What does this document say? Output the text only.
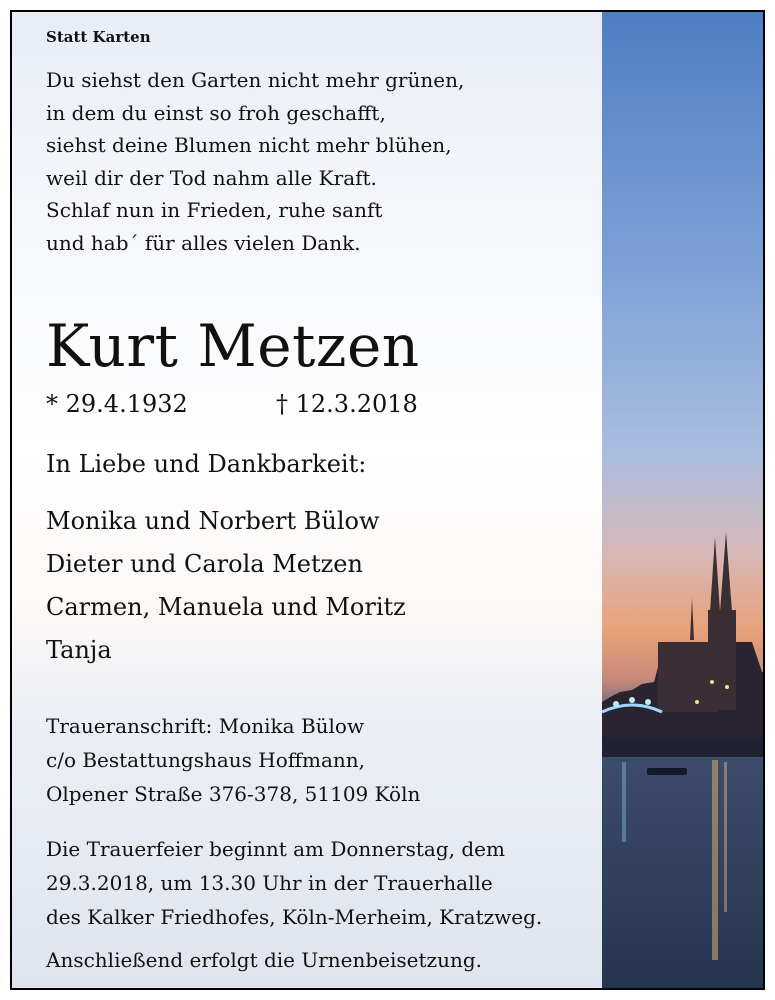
Statt Karten
Du siehst den Garten nicht mehr grünen,
in dem du einst so froh geschafft,
siehst deine Blumen nicht mehr blühen,
weil dir der Tod nahm alle Kraft.
Schlaf nun in Frieden, ruhe sanft
und hab´ für alles vielen Dank.
Kurt Metzen
* 29.4.1932	† 12.3.2018
In Liebe und Dankbarkeit:
Monika und Norbert Bülow
Dieter und Carola Metzen
Carmen, Manuela und Moritz
Tanja
Traueranschrift: Monika Bülow
c/o Bestattungshaus Hoffmann,
Olpener Straße 376-378, 51109 Köln
Die Trauerfeier beginnt am Donnerstag, dem
29.3.2018, um 13.30 Uhr in der Trauerhalle
des Kalker Friedhofes, Köln-Merheim, Kratzweg.
Anschließend erfolgt die Urnenbeisetzung.
